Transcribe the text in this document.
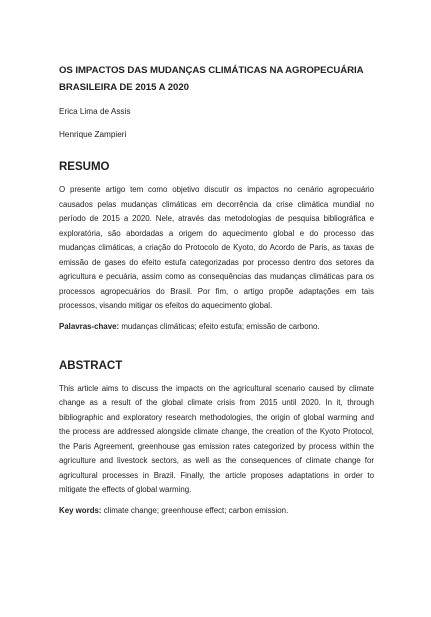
OS IMPACTOS DAS MUDANÇAS CLIMÁTICAS NA AGROPECUÁRIA BRASILEIRA DE 2015 A 2020

Erica Lima de Assis

Henrique Zampieri

RESUMO

O presente artigo tem como objetivo discutir os impactos no cenário agropecuário causados pelas mudanças climáticas em decorrência da crise climática mundial no período de 2015 a 2020. Nele, através das metodologias de pesquisa bibliográfica e exploratória, são abordadas a origem do aquecimento global e do processo das mudanças climáticas, a criação do Protocolo de Kyoto, do Acordo de Paris, as taxas de emissão de gases do efeito estufa categorizadas por processo dentro dos setores da agricultura e pecuária, assim como as consequências das mudanças climáticas para os processos agropecuários do Brasil. Por fim, o artigo propõe adaptações em tais processos, visando mitigar os efeitos do aquecimento global.

Palavras-chave: mudanças climáticas; efeito estufa; emissão de carbono.

ABSTRACT

This article aims to discuss the impacts on the agricultural scenario caused by climate change as a result of the global climate crisis from 2015 until 2020. In it, through bibliographic and exploratory research methodologies, the origin of global warming and the process are addressed alongside climate change, the creation of the Kyoto Protocol, the Paris Agreement, greenhouse gas emission rates categorized by process within the agriculture and livestock sectors, as well as the consequences of climate change for agricultural processes in Brazil. Finally, the article proposes adaptations in order to mitigate the effects of global warming.

Key words: climate change; greenhouse effect; carbon emission.
